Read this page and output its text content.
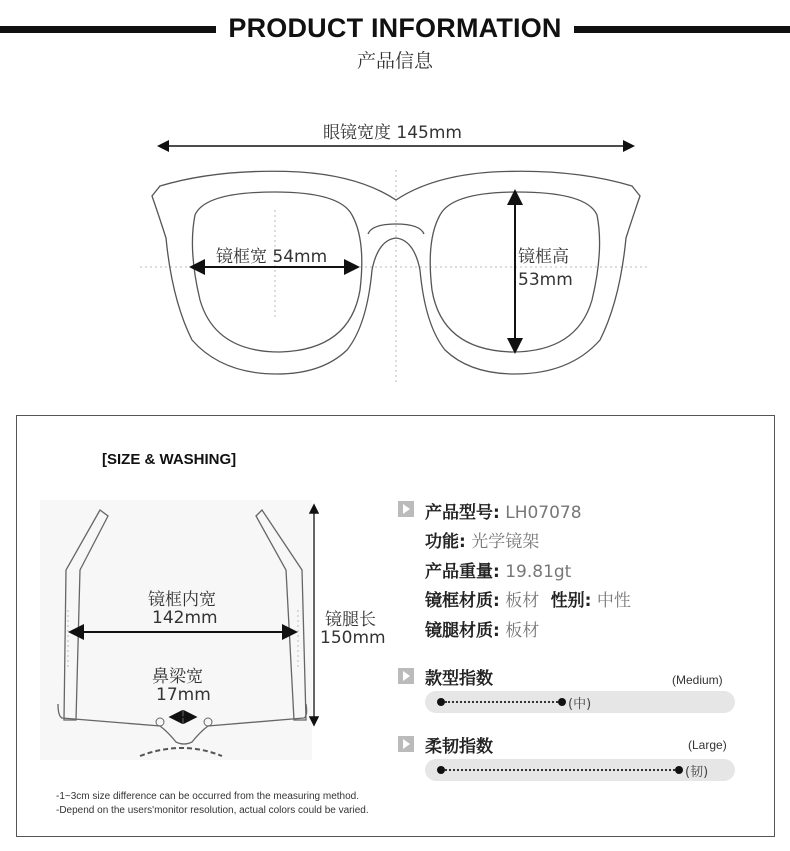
PRODUCT INFORMATION
产品信息
眼镜宽度 145mm
镜框宽 54mm	镜框高
53mm
[SIZE & WASHING]
镜框内宽
142mm	镜腿长
150mm
鼻梁宽
17mm
产品型号: LH07078
功能: 光学镜架
产品重量: 19.81gt
镜框材质: 板材 性别: 中性
镜腿材质: 板材
款型指数	(Medium)
(中)
柔韧指数	(Large)
(韧)
-1~3cm size difference can be occurred from the measuring method.
-Depend on the users'monitor resolution, actual colors could be varied.
